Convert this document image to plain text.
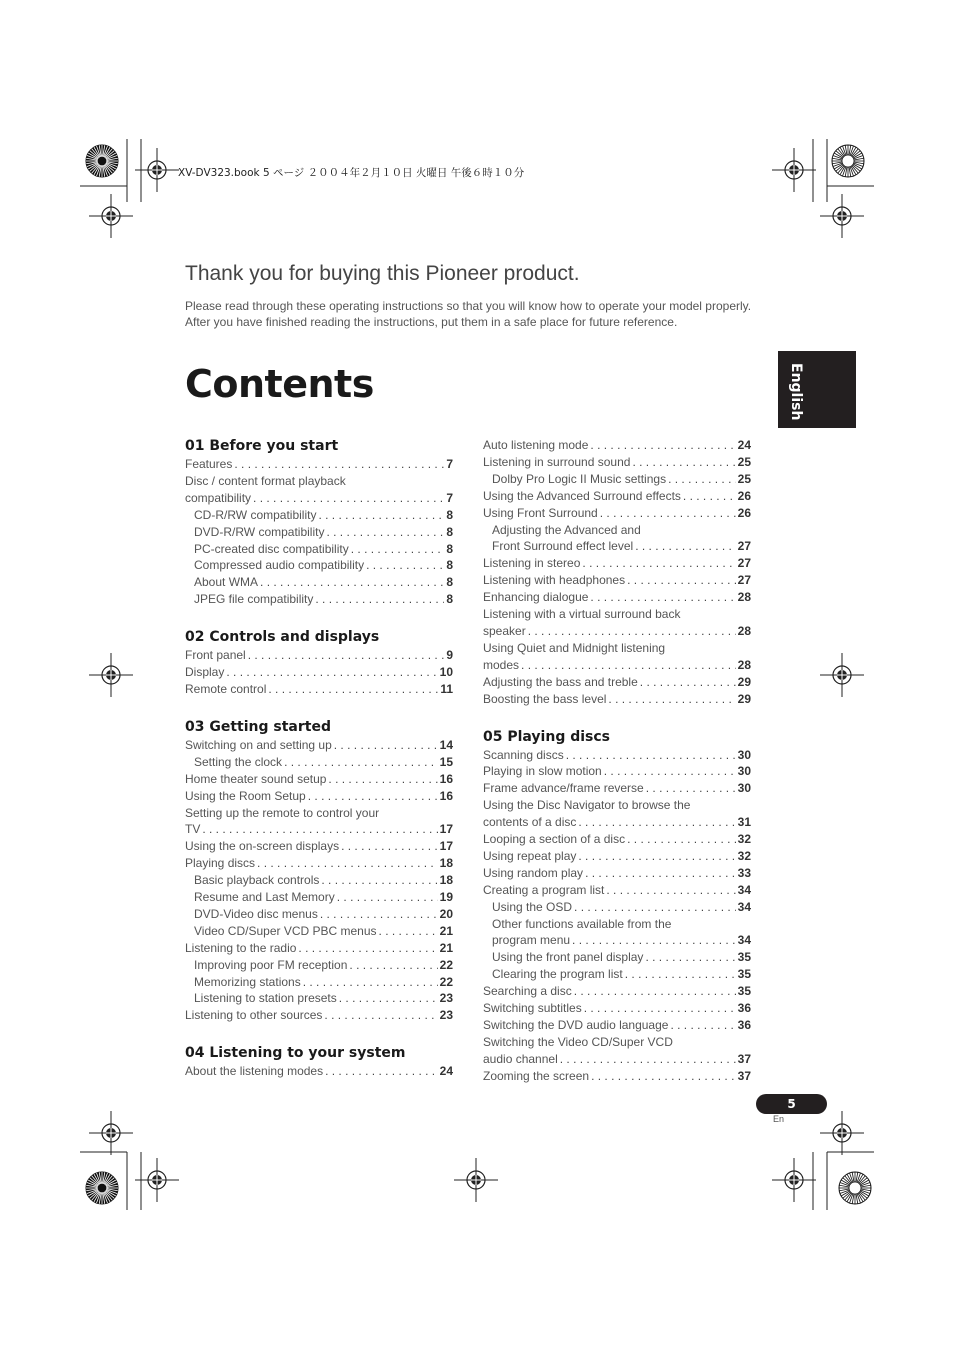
XV-DV323.book 5 ページ ２００４年２月１０日 火曜日 午後６時１０分
Thank you for buying this Pioneer product.

Please read through these operating instructions so that you will know how to operate your model properly. After you have finished reading the instructions, put them in a safe place for future reference.

Contents	English
01 Before you start
Features . . .	7
Disc / content format playback
compatibility . . .	7
CD-R/RW compatibility . . .	8
DVD-R/RW compatibility . . .	8
PC-created disc compatibility . . .	8
Compressed audio compatibility . . .	8
About WMA . . .	8
JPEG file compatibility . . .	8
02 Controls and displays
Front panel . . .	9
Display . . .	10
Remote control . . .	11
03 Getting started
Switching on and setting up . . .	14
Setting the clock . . .	15
Home theater sound setup . . .	16
Using the Room Setup . . .	16
Setting up the remote to control your
TV . . .	17
Using the on-screen displays . . .	17
Playing discs . . .	18
Basic playback controls . . .	18
Resume and Last Memory . . .	19
DVD-Video disc menus . . .	20
Video CD/Super VCD PBC menus . . .	21
Listening to the radio . . .	21
Improving poor FM reception . . .	22
Memorizing stations . . .	22
Listening to station presets . . .	23
Listening to other sources . . .	23
04 Listening to your system
About the listening modes . . .	24
Auto listening mode . . .	24
Listening in surround sound . . .	25
Dolby Pro Logic II Music settings . . .	25
Using the Advanced Surround effects . . .	26
Using Front Surround . . .	26
Adjusting the Advanced and
Front Surround effect level . . .	27
Listening in stereo . . .	27
Listening with headphones . . .	27
Enhancing dialogue . . .	28
Listening with a virtual surround back
speaker . . .	28
Using Quiet and Midnight listening
modes . . .	28
Adjusting the bass and treble . . .	29
Boosting the bass level . . .	29
05 Playing discs
Scanning discs . . .	30
Playing in slow motion . . .	30
Frame advance/frame reverse . . .	30
Using the Disc Navigator to browse the
contents of a disc . . .	31
Looping a section of a disc . . .	32
Using repeat play . . .	32
Using random play . . .	33
Creating a program list . . .	34
Using the OSD . . .	34
Other functions available from the
program menu . . .	34
Using the front panel display . . .	35
Clearing the program list . . .	35
Searching a disc . . .	35
Switching subtitles . . .	36
Switching the DVD audio language . . .	36
Switching the Video CD/Super VCD
audio channel . . .	37
Zooming the screen . . .	37
5
En
